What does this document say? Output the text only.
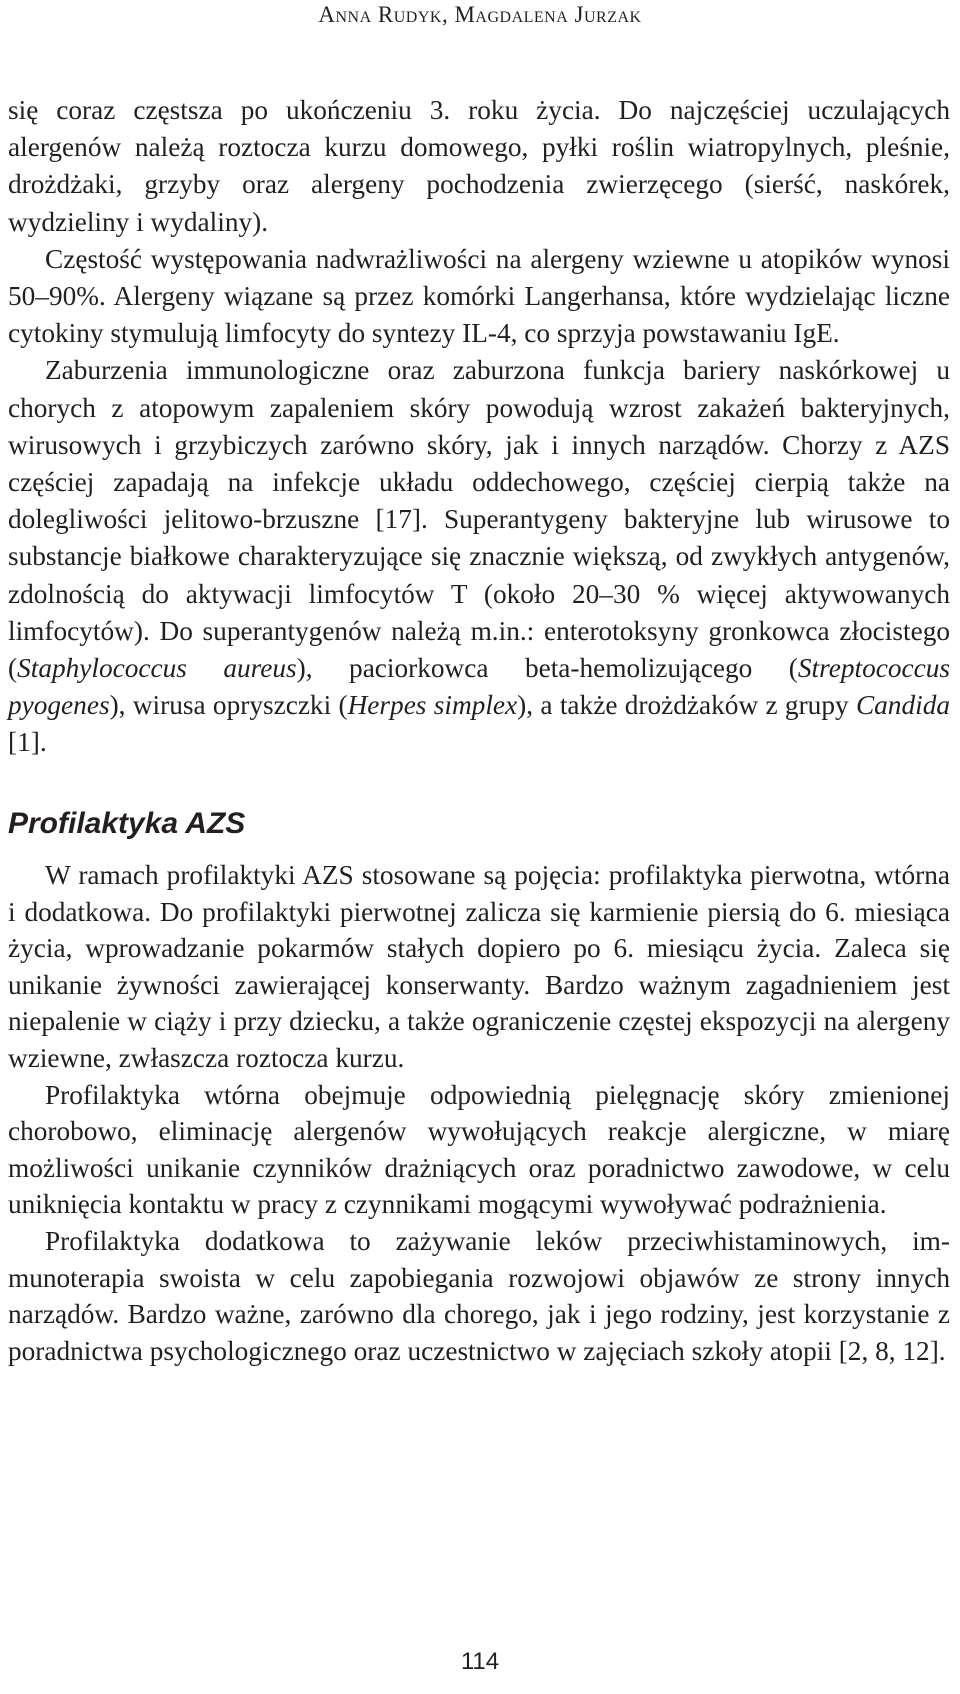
Anna Rudyk, Magdalena Jurzak

się coraz częstsza po ukończeniu 3. roku życia. Do najczęściej uczulających alergenów należą roztocza kurzu domowego, pyłki roślin wiatropylnych, pleśnie, drożdżaki, grzyby oraz alergeny pochodzenia zwierzęcego (sierść, naskórek, wydzieliny i wydaliny).

Częstość występowania nadwrażliwości na alergeny wziewne u atopików wynosi 50–90%. Alergeny wiązane są przez komórki Langerhansa, które wydzielając liczne cytokiny stymulują limfocyty do syntezy IL-4, co sprzyja powstawaniu IgE.

Zaburzenia immunologiczne oraz zaburzona funkcja bariery naskórkowej u chorych z atopowym zapaleniem skóry powodują wzrost zakażeń bakteryjnych, wirusowych i grzybiczych zarówno skóry, jak i innych narządów. Chorzy z AZS częściej zapadają na infekcje układu oddechowego, częściej cierpią także na dolegliwości jelitowo-brzuszne [17]. Superantygeny bakteryjne lub wirusowe to substancje białkowe charakteryzujące się znacznie większą, od zwykłych antygenów, zdolnością do aktywacji limfocytów T (około 20–30 % więcej aktywowanych limfocytów). Do superantygenów należą m.in.: enterotoksyny gronkowca złocistego (Staphylococcus aureus), paciorkowca beta-hemolizującego (Streptococcus pyogenes), wirusa opryszczki (Herpes simplex), a także drożdżaków z grupy Candida [1].

Profilaktyka AZS

W ramach profilaktyki AZS stosowane są pojęcia: profilaktyka pierwotna, wtórna i dodatkowa. Do profilaktyki pierwotnej zalicza się karmienie piersią do 6. miesiąca życia, wprowadzanie pokarmów stałych dopiero po 6. miesiącu życia. Zaleca się unikanie żywności zawierającej konserwanty. Bardzo ważnym zagadnieniem jest niepalenie w ciąży i przy dziecku, a także ograniczenie częstej ekspozycji na alergeny wziewne, zwłaszcza roztocza kurzu.

Profilaktyka wtórna obejmuje odpowiednią pielęgnację skóry zmienionej chorobowo, eliminację alergenów wywołujących reakcje alergiczne, w miarę możliwości unikanie czynników drażniących oraz poradnictwo zawodowe, w celu uniknięcia kontaktu w pracy z czynnikami mogącymi wywoływać podrażnienia.

Profilaktyka dodatkowa to zażywanie leków przeciwhistaminowych, immunoterapia swoista w celu zapobiegania rozwojowi objawów ze strony innych narządów. Bardzo ważne, zarówno dla chorego, jak i jego rodziny, jest korzystanie z poradnictwa psychologicznego oraz uczestnictwo w zajęciach szkoły atopii [2, 8, 12].

114
